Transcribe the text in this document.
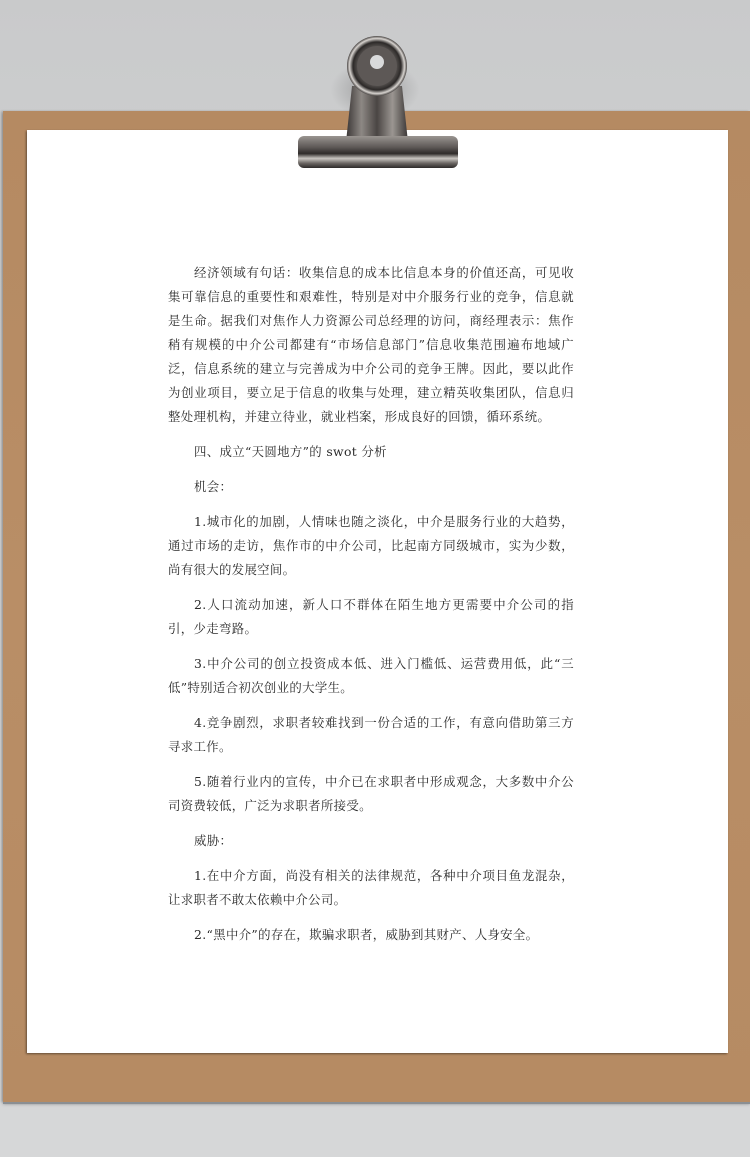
经济领域有句话：收集信息的成本比信息本身的价值还高，可见收集可靠信息的重要性和艰难性，特别是对中介服务行业的竞争，信息就是生命。据我们对焦作人力资源公司总经理的访问，商经理表示：焦作稍有规模的中介公司都建有“市场信息部门”信息收集范围遍布地域广泛，信息系统的建立与完善成为中介公司的竞争王牌。因此，要以此作为创业项目，要立足于信息的收集与处理，建立精英收集团队，信息归整处理机构，并建立待业，就业档案，形成良好的回馈，循环系统。

四、成立“天圆地方”的 swot 分析

机会：

1.城市化的加剧，人情味也随之淡化，中介是服务行业的大趋势，通过市场的走访，焦作市的中介公司，比起南方同级城市，实为少数，尚有很大的发展空间。

2.人口流动加速，新人口不群体在陌生地方更需要中介公司的指引，少走弯路。

3.中介公司的创立投资成本低、进入门槛低、运营费用低，此“三低”特别适合初次创业的大学生。

4.竞争剧烈，求职者较难找到一份合适的工作，有意向借助第三方寻求工作。

5.随着行业内的宣传，中介已在求职者中形成观念，大多数中介公司资费较低，广泛为求职者所接受。

威胁：

1.在中介方面，尚没有相关的法律规范，各种中介项目鱼龙混杂，让求职者不敢太依赖中介公司。

2.“黑中介”的存在，欺骗求职者，威胁到其财产、人身安全。
